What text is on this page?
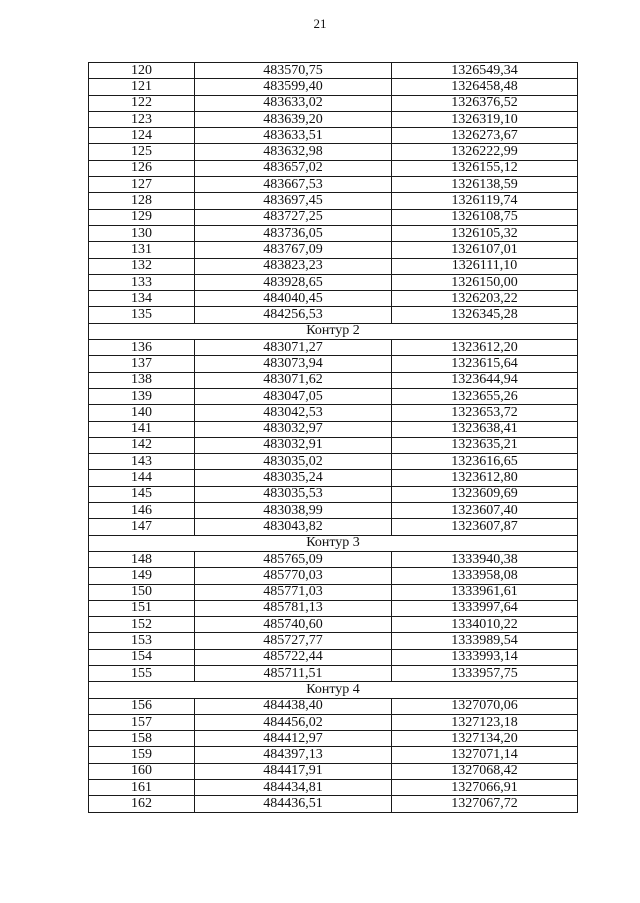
21
120	483570,75	1326549,34
121	483599,40	1326458,48
122	483633,02	1326376,52
123	483639,20	1326319,10
124	483633,51	1326273,67
125	483632,98	1326222,99
126	483657,02	1326155,12
127	483667,53	1326138,59
128	483697,45	1326119,74
129	483727,25	1326108,75
130	483736,05	1326105,32
131	483767,09	1326107,01
132	483823,23	1326111,10
133	483928,65	1326150,00
134	484040,45	1326203,22
135	484256,53	1326345,28
Контур 2		
136	483071,27	1323612,20
137	483073,94	1323615,64
138	483071,62	1323644,94
139	483047,05	1323655,26
140	483042,53	1323653,72
141	483032,97	1323638,41
142	483032,91	1323635,21
143	483035,02	1323616,65
144	483035,24	1323612,80
145	483035,53	1323609,69
146	483038,99	1323607,40
147	483043,82	1323607,87
Контур 3		
148	485765,09	1333940,38
149	485770,03	1333958,08
150	485771,03	1333961,61
151	485781,13	1333997,64
152	485740,60	1334010,22
153	485727,77	1333989,54
154	485722,44	1333993,14
155	485711,51	1333957,75
Контур 4		
156	484438,40	1327070,06
157	484456,02	1327123,18
158	484412,97	1327134,20
159	484397,13	1327071,14
160	484417,91	1327068,42
161	484434,81	1327066,91
162	484436,51	1327067,72
